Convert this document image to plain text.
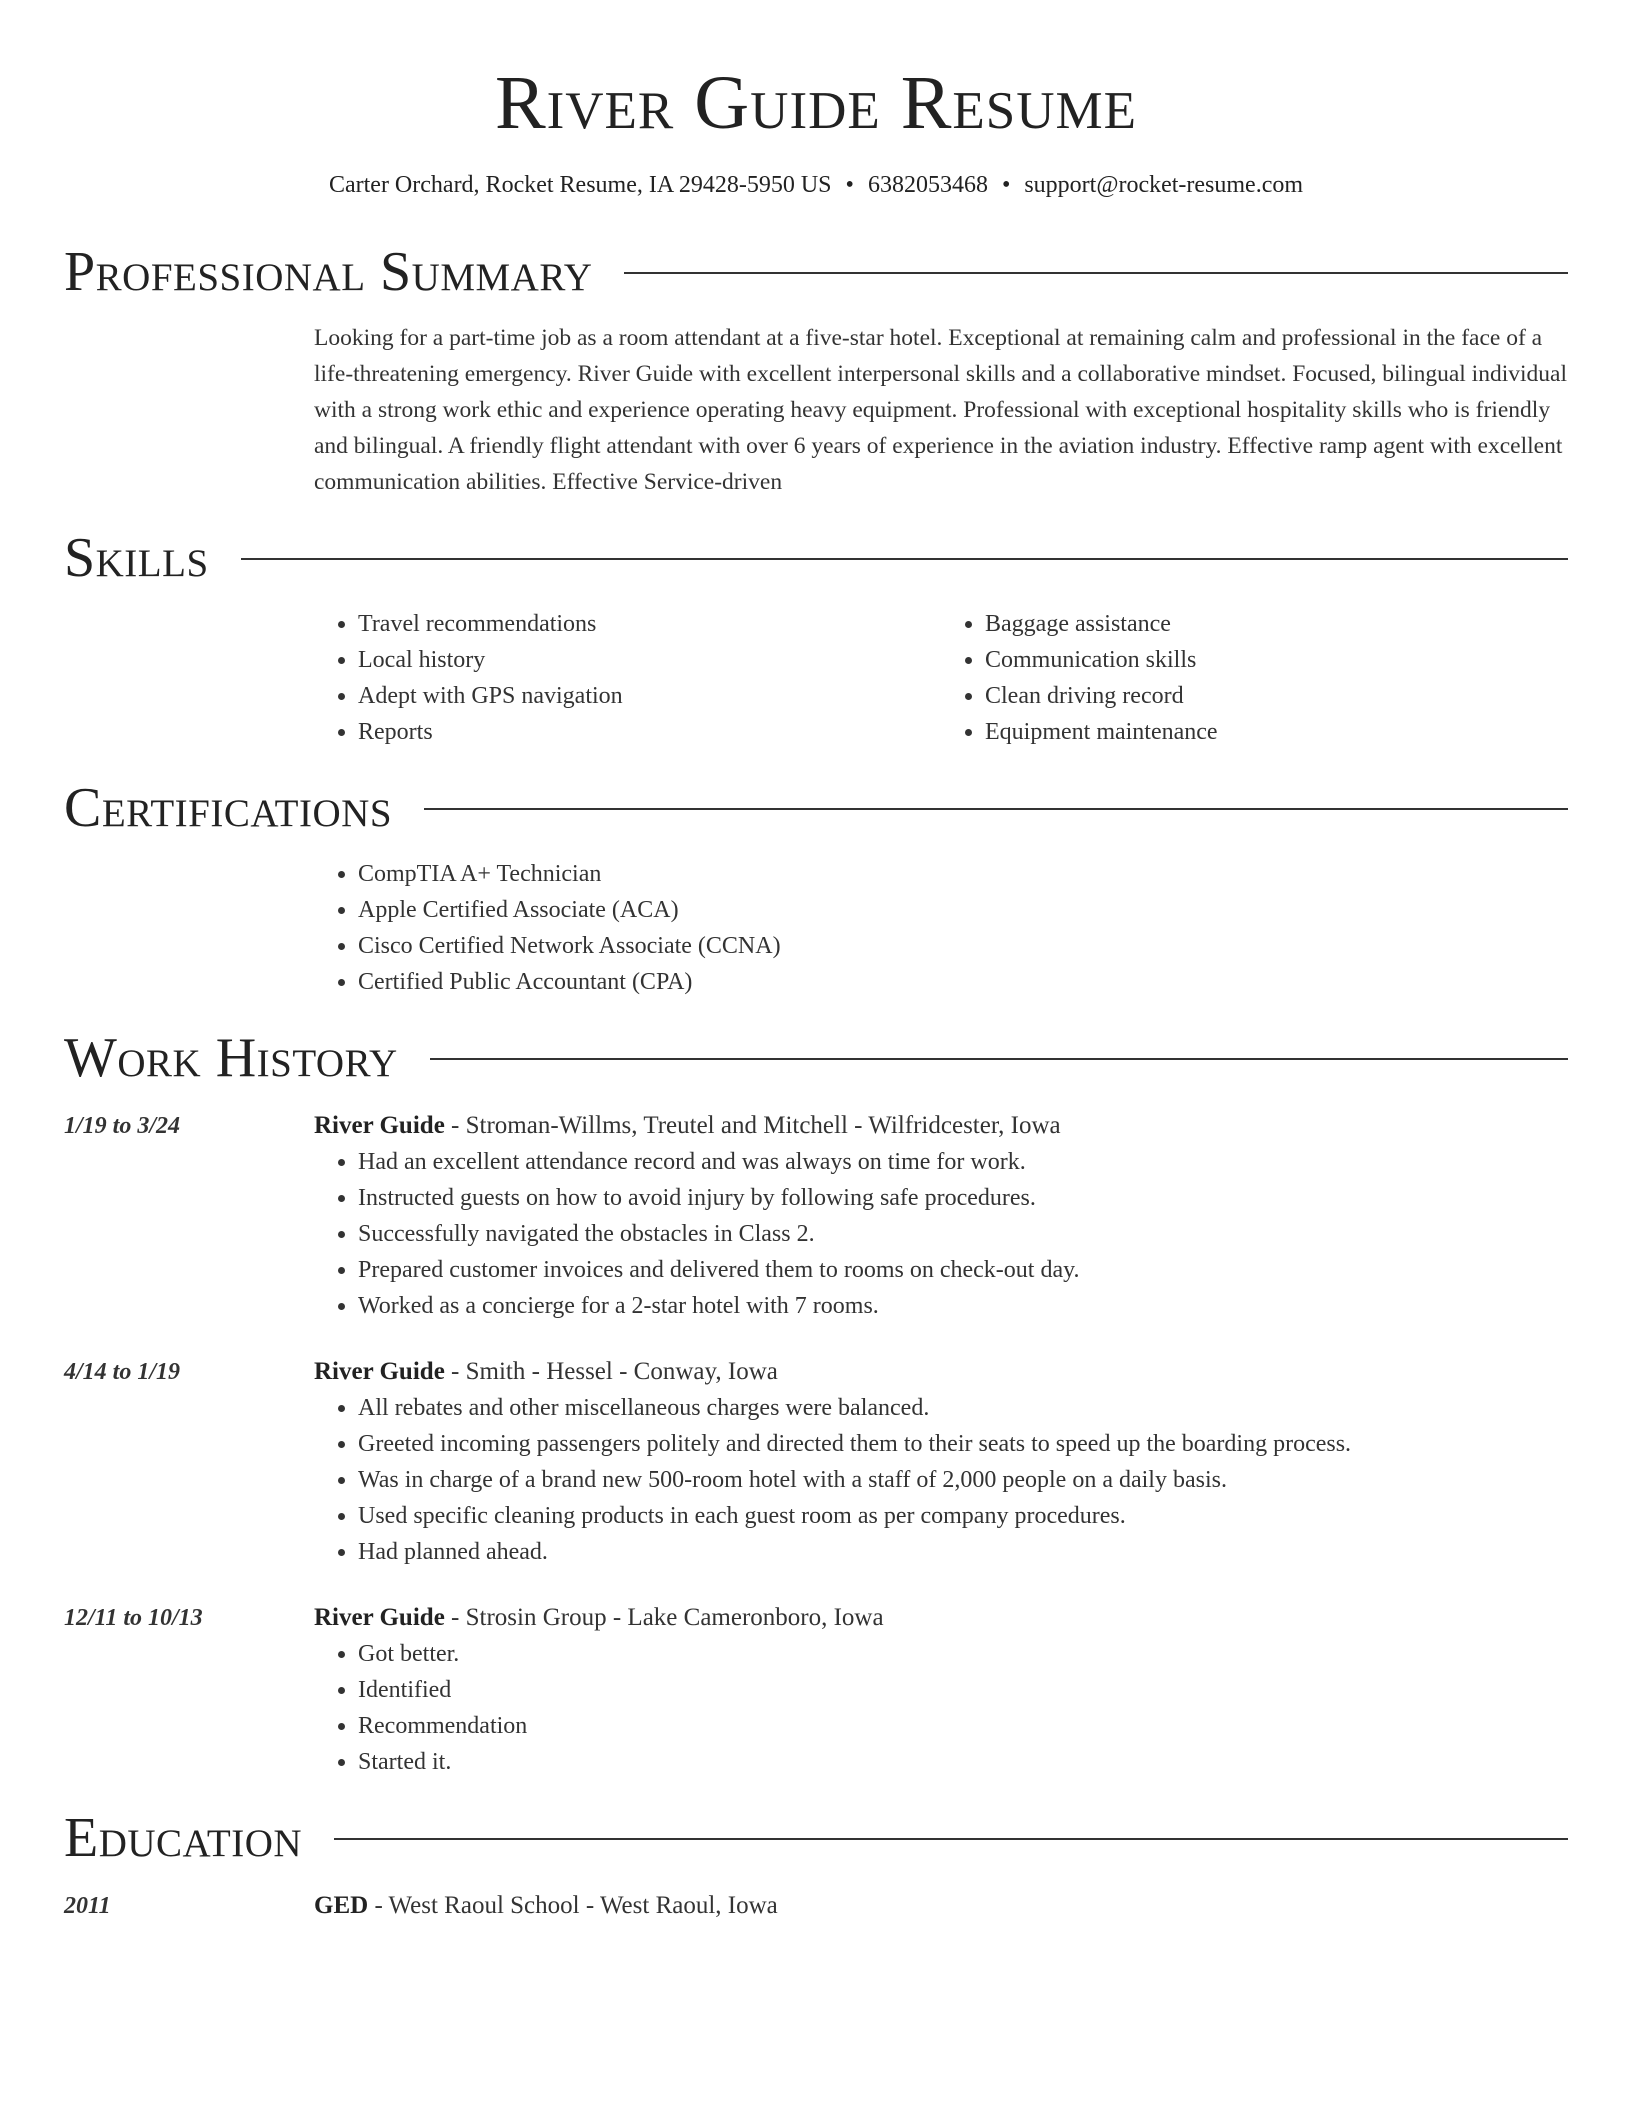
River Guide Resume
Carter Orchard, Rocket Resume, IA 29428-5950 US • 6382053468 • support@rocket-resume.com
Professional Summary
Looking for a part-time job as a room attendant at a five-star hotel. Exceptional at remaining calm and professional in the face of a life-threatening emergency. River Guide with excellent interpersonal skills and a collaborative mindset. Focused, bilingual individual with a strong work ethic and experience operating heavy equipment. Professional with exceptional hospitality skills who is friendly and bilingual. A friendly flight attendant with over 6 years of experience in the aviation industry. Effective ramp agent with excellent communication abilities. Effective Service-driven
Skills
• Travel recommendations
• Local history
• Adept with GPS navigation
• Reports
• Baggage assistance
• Communication skills
• Clean driving record
• Equipment maintenance
Certifications
• CompTIA A+ Technician
• Apple Certified Associate (ACA)
• Cisco Certified Network Associate (CCNA)
• Certified Public Accountant (CPA)
Work History
1/19 to 3/24	River Guide - Stroman-Willms, Treutel and Mitchell - Wilfridcester, Iowa
• Had an excellent attendance record and was always on time for work.
• Instructed guests on how to avoid injury by following safe procedures.
• Successfully navigated the obstacles in Class 2.
• Prepared customer invoices and delivered them to rooms on check-out day.
• Worked as a concierge for a 2-star hotel with 7 rooms.
4/14 to 1/19	River Guide - Smith - Hessel - Conway, Iowa
• All rebates and other miscellaneous charges were balanced.
• Greeted incoming passengers politely and directed them to their seats to speed up the boarding process.
• Was in charge of a brand new 500-room hotel with a staff of 2,000 people on a daily basis.
• Used specific cleaning products in each guest room as per company procedures.
• Had planned ahead.
12/11 to 10/13	River Guide - Strosin Group - Lake Cameronboro, Iowa
• Got better.
• Identified
• Recommendation
• Started it.
Education
2011	GED - West Raoul School - West Raoul, Iowa
